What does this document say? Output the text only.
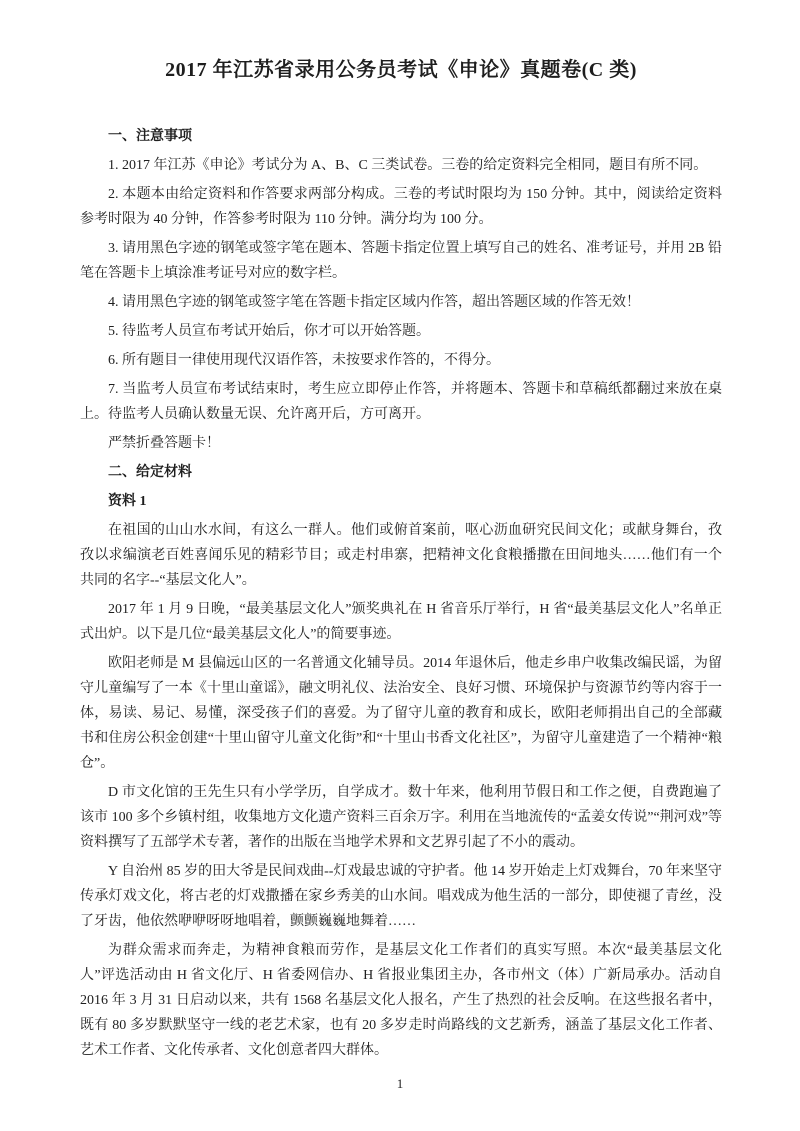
2017 年江苏省录用公务员考试《申论》真题卷(C 类)

一、注意事项

1. 2017 年江苏《申论》考试分为 A、B、C 三类试卷。三卷的给定资料完全相同，题目有所不同。

2. 本题本由给定资料和作答要求两部分构成。三卷的考试时限均为 150 分钟。其中，阅读给定资料参考时限为 40 分钟，作答参考时限为 110 分钟。满分均为 100 分。

3. 请用黑色字迹的钢笔或签字笔在题本、答题卡指定位置上填写自己的姓名、准考证号，并用 2B 铅笔在答题卡上填涂准考证号对应的数字栏。

4. 请用黑色字迹的钢笔或签字笔在答题卡指定区域内作答，超出答题区域的作答无效！

5. 待监考人员宣布考试开始后，你才可以开始答题。

6. 所有题目一律使用现代汉语作答，未按要求作答的，不得分。

7. 当监考人员宣布考试结束时，考生应立即停止作答，并将题本、答题卡和草稿纸都翻过来放在桌上。待监考人员确认数量无误、允许离开后，方可离开。

严禁折叠答题卡！

二、给定材料

资料 1

在祖国的山山水水间，有这么一群人。他们或俯首案前，呕心沥血研究民间文化；或献身舞台，孜孜以求编演老百姓喜闻乐见的精彩节目；或走村串寨，把精神文化食粮播撒在田间地头……他们有一个共同的名字--“基层文化人”。

2017 年 1 月 9 日晚，“最美基层文化人”颁奖典礼在 H 省音乐厅举行，H 省“最美基层文化人”名单正式出炉。以下是几位“最美基层文化人”的简要事迹。

欧阳老师是 M 县偏远山区的一名普通文化辅导员。2014 年退休后，他走乡串户收集改编民谣，为留守儿童编写了一本《十里山童谣》，融文明礼仪、法治安全、良好习惯、环境保护与资源节约等内容于一体，易读、易记、易懂，深受孩子们的喜爱。为了留守儿童的教育和成长，欧阳老师捐出自己的全部藏书和住房公积金创建“十里山留守儿童文化街”和“十里山书香文化社区”，为留守儿童建造了一个精神“粮仓”。

D 市文化馆的王先生只有小学学历，自学成才。数十年来，他利用节假日和工作之便，自费跑遍了该市 100 多个乡镇村组，收集地方文化遗产资料三百余万字。利用在当地流传的“孟姜女传说”“荆河戏”等资料撰写了五部学术专著，著作的出版在当地学术界和文艺界引起了不小的震动。

Y 自治州 85 岁的田大爷是民间戏曲--灯戏最忠诚的守护者。他 14 岁开始走上灯戏舞台，70 年来坚守传承灯戏文化，将古老的灯戏撒播在家乡秀美的山水间。唱戏成为他生活的一部分，即使褪了青丝，没了牙齿，他依然咿咿呀呀地唱着，颤颤巍巍地舞着……

为群众需求而奔走，为精神食粮而劳作，是基层文化工作者们的真实写照。本次“最美基层文化人”评选活动由 H 省文化厅、H 省委网信办、H 省报业集团主办，各市州文（体）广新局承办。活动自 2016 年 3 月 31 日启动以来，共有 1568 名基层文化人报名，产生了热烈的社会反响。在这些报名者中，既有 80 多岁默默坚守一线的老艺术家，也有 20 多岁走时尚路线的文艺新秀，涵盖了基层文化工作者、艺术工作者、文化传承者、文化创意者四大群体。

1
